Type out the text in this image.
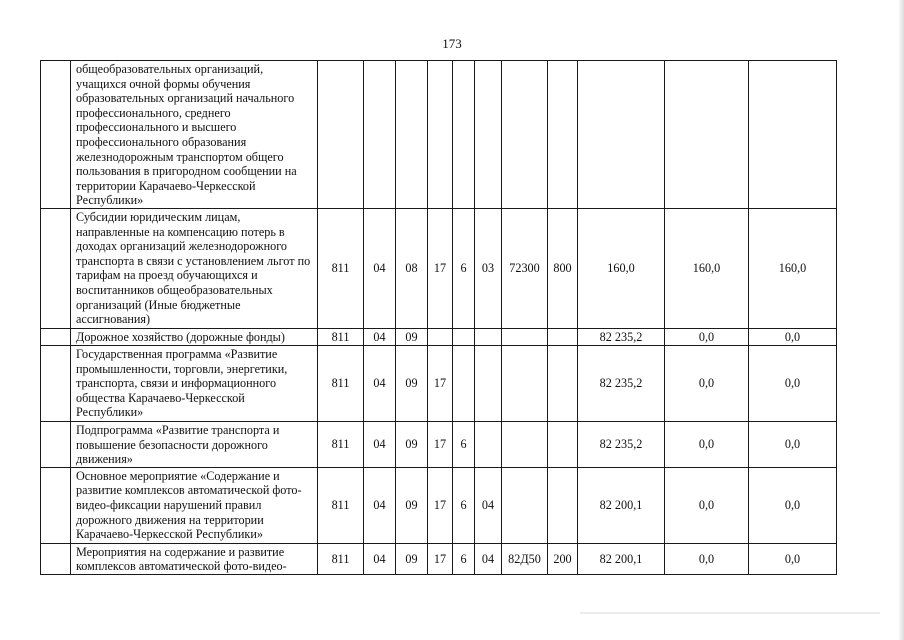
173
	общеобразовательных организаций, учащихся очной формы обучения образовательных организаций начального профессионального, среднего профессионального и высшего профессионального образования железнодорожным транспортом общего пользования в пригородном сообщении на территории Карачаево-Черкесской Республики»											
	Субсидии юридическим лицам, направленные на компенсацию потерь в доходах организаций железнодорожного транспорта в связи с установлением льгот по тарифам на проезд обучающихся и воспитанников общеобразовательных организаций (Иные бюджетные ассигнования)	811	04	08	17	6	03	72300	800	160,0	160,0	160,0
	Дорожное хозяйство (дорожные фонды)	811	04	09						82 235,2	0,0	0,0
	Государственная программа «Развитие промышленности, торговли, энергетики, транспорта, связи и информационного общества Карачаево-Черкесской Республики»	811	04	09	17					82 235,2	0,0	0,0
	Подпрограмма «Развитие транспорта и повышение безопасности дорожного движения»	811	04	09	17	6				82 235,2	0,0	0,0
	Основное мероприятие «Содержание и развитие комплексов автоматической фото-видео-фиксации нарушений правил дорожного движения на территории Карачаево-Черкесской Республики»	811	04	09	17	6	04			82 200,1	0,0	0,0
	Мероприятия на содержание и развитие комплексов автоматической фото-видео-	811	04	09	17	6	04	82Д50	200	82 200,1	0,0	0,0
